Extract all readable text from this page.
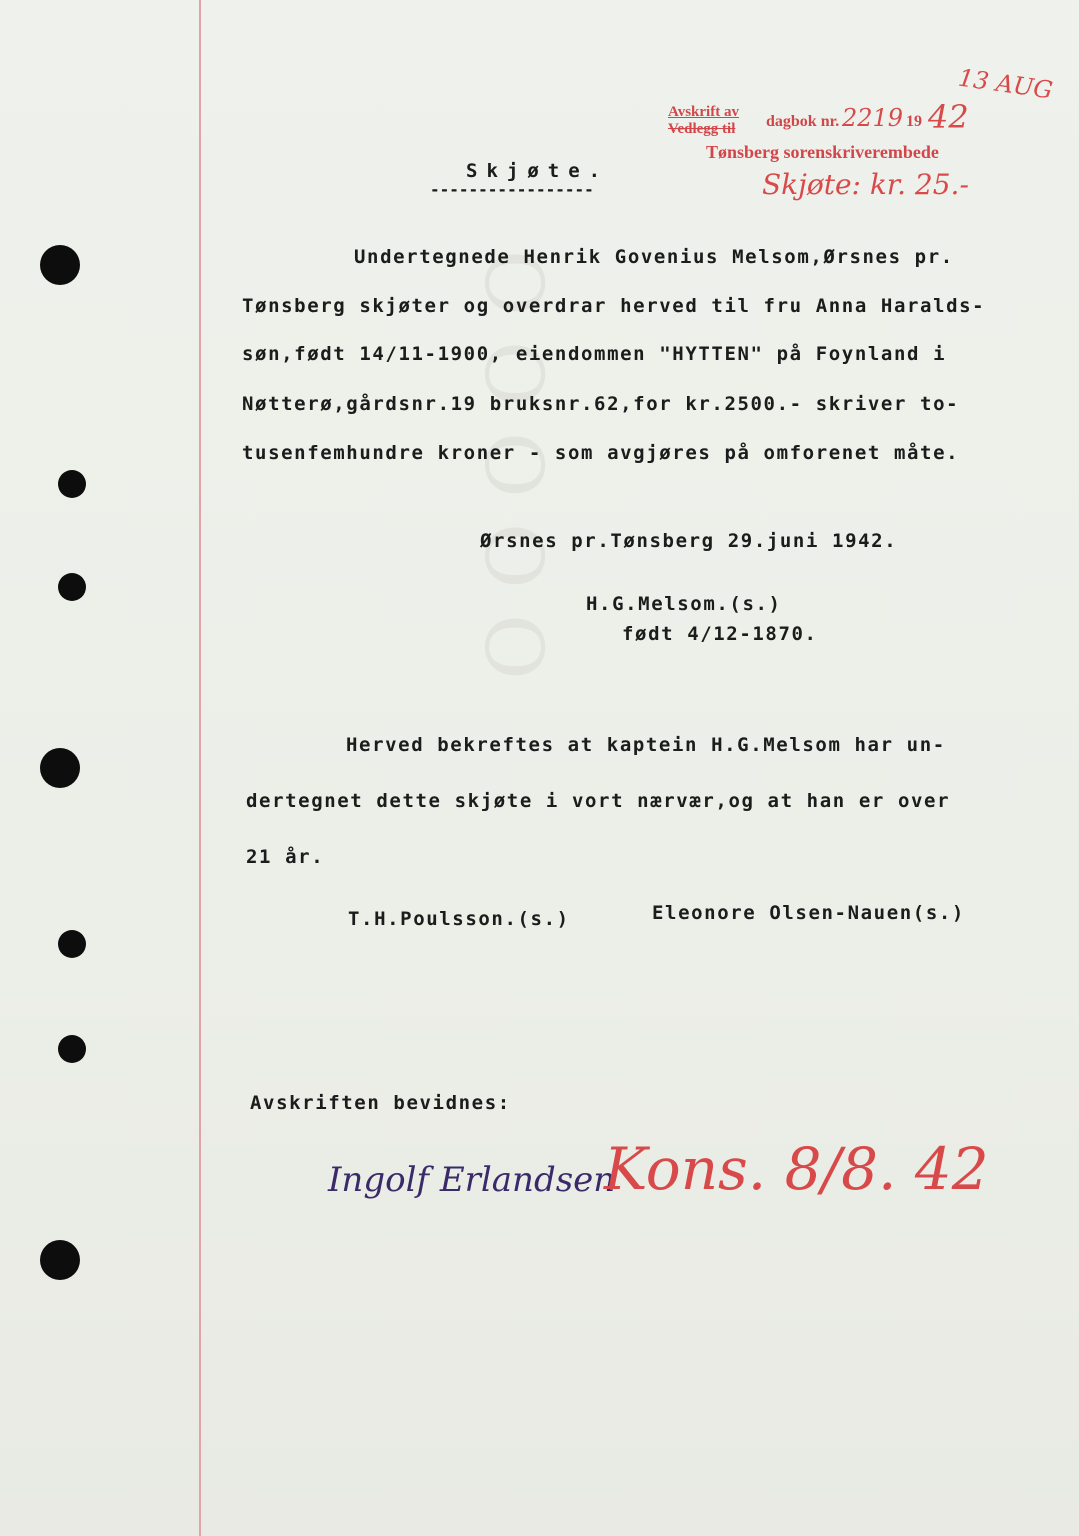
O O O O O
Avskrift av
Vedlegg til dagbok nr. 2219 19 42
Tønsberg sorenskriverembede
13 AUG
Skjøte: kr. 25.-
Skjøte.
-----------------
Undertegnede Henrik Govenius Melsom,Ørsnes pr.
Tønsberg skjøter og overdrar herved til fru Anna Haralds-
søn,født 14/11-1900, eiendommen "HYTTEN" på Foynland i
Nøtterø,gårdsnr.19 bruksnr.62,for kr.2500.- skriver to-
tusenfemhundre kroner - som avgjøres på omforenet måte.
Ørsnes pr.Tønsberg 29.juni 1942.
H.G.Melsom.(s.)
født 4/12-1870.
Herved bekreftes at kaptein H.G.Melsom har un-
dertegnet dette skjøte i vort nærvær,og at han er over
21 år.
T.H.Poulsson.(s.)	Eleonore Olsen-Nauen(s.)
Avskriften bevidnes:
Ingolf Erlandsen
Kons. 8/8. 42
